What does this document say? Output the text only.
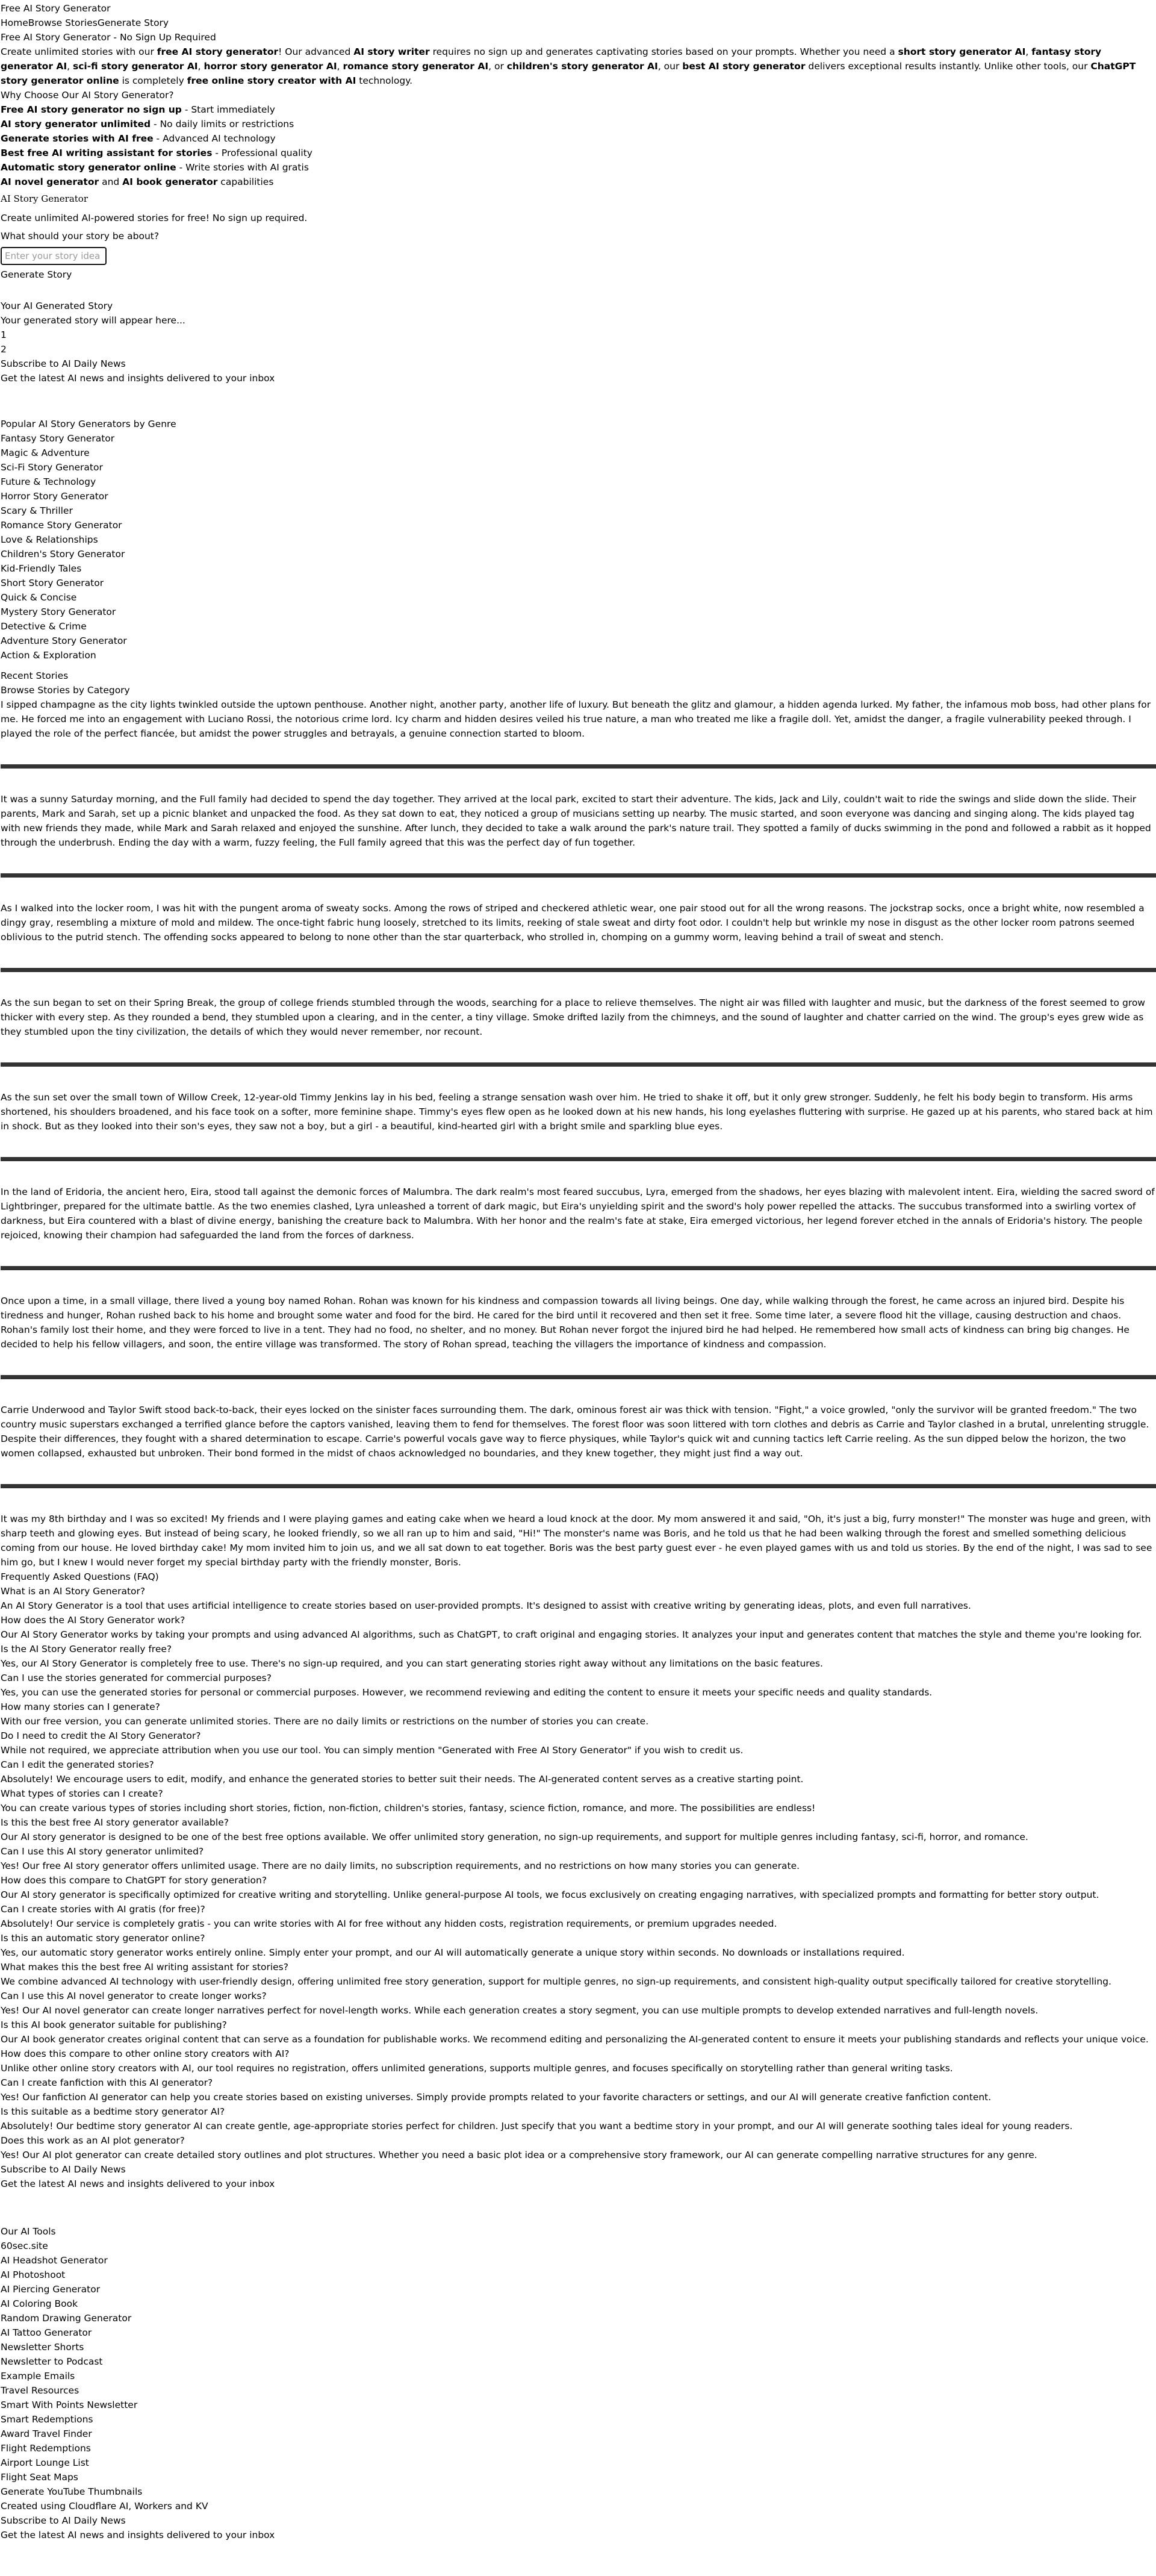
Free AI Story Generator
HomeBrowse StoriesGenerate Story
Free AI Story Generator - No Sign Up Required

Create unlimited stories with our free AI story generator! Our advanced AI story writer requires no sign up and generates captivating stories based on your prompts. Whether you need a short story generator AI, fantasy story generator AI, sci-fi story generator AI, horror story generator AI, romance story generator AI, or children's story generator AI, our best AI story generator delivers exceptional results instantly. Unlike other tools, our ChatGPT story generator online is completely free online story creator with AI technology.

Why Choose Our AI Story Generator?
Free AI story generator no sign up - Start immediately
AI story generator unlimited - No daily limits or restrictions
Generate stories with AI free - Advanced AI technology
Best free AI writing assistant for stories - Professional quality
Automatic story generator online - Write stories with AI gratis
AI novel generator and AI book generator capabilities
AI Story Generator
Create unlimited AI-powered stories for free! No sign up required.
What should your story be about?
Enter your story idea
Generate Story
Your AI Generated Story
Your generated story will appear here...
1
2
Subscribe to AI Daily News
Get the latest AI news and insights delivered to your inbox
Popular AI Story Generators by Genre
Fantasy Story Generator
Magic & Adventure
Sci-Fi Story Generator
Future & Technology
Horror Story Generator
Scary & Thriller
Romance Story Generator
Love & Relationships
Children's Story Generator
Kid-Friendly Tales
Short Story Generator
Quick & Concise
Mystery Story Generator
Detective & Crime
Adventure Story Generator
Action & Exploration
Recent Stories
Browse Stories by Category

I sipped champagne as the city lights twinkled outside the uptown penthouse. Another night, another party, another life of luxury. But beneath the glitz and glamour, a hidden agenda lurked. My father, the infamous mob boss, had other plans for me. He forced me into an engagement with Luciano Rossi, the notorious crime lord. Icy charm and hidden desires veiled his true nature, a man who treated me like a fragile doll. Yet, amidst the danger, a fragile vulnerability peeked through. I played the role of the perfect fiancée, but amidst the power struggles and betrayals, a genuine connection started to bloom.

It was a sunny Saturday morning, and the Full family had decided to spend the day together. They arrived at the local park, excited to start their adventure. The kids, Jack and Lily, couldn't wait to ride the swings and slide down the slide. Their parents, Mark and Sarah, set up a picnic blanket and unpacked the food. As they sat down to eat, they noticed a group of musicians setting up nearby. The music started, and soon everyone was dancing and singing along. The kids played tag with new friends they made, while Mark and Sarah relaxed and enjoyed the sunshine. After lunch, they decided to take a walk around the park's nature trail. They spotted a family of ducks swimming in the pond and followed a rabbit as it hopped through the underbrush. Ending the day with a warm, fuzzy feeling, the Full family agreed that this was the perfect day of fun together.

As I walked into the locker room, I was hit with the pungent aroma of sweaty socks. Among the rows of striped and checkered athletic wear, one pair stood out for all the wrong reasons. The jockstrap socks, once a bright white, now resembled a dingy gray, resembling a mixture of mold and mildew. The once-tight fabric hung loosely, stretched to its limits, reeking of stale sweat and dirty foot odor. I couldn't help but wrinkle my nose in disgust as the other locker room patrons seemed oblivious to the putrid stench. The offending socks appeared to belong to none other than the star quarterback, who strolled in, chomping on a gummy worm, leaving behind a trail of sweat and stench.

As the sun began to set on their Spring Break, the group of college friends stumbled through the woods, searching for a place to relieve themselves. The night air was filled with laughter and music, but the darkness of the forest seemed to grow thicker with every step. As they rounded a bend, they stumbled upon a clearing, and in the center, a tiny village. Smoke drifted lazily from the chimneys, and the sound of laughter and chatter carried on the wind. The group's eyes grew wide as they stumbled upon the tiny civilization, the details of which they would never remember, nor recount.

As the sun set over the small town of Willow Creek, 12-year-old Timmy Jenkins lay in his bed, feeling a strange sensation wash over him. He tried to shake it off, but it only grew stronger. Suddenly, he felt his body begin to transform. His arms shortened, his shoulders broadened, and his face took on a softer, more feminine shape. Timmy's eyes flew open as he looked down at his new hands, his long eyelashes fluttering with surprise. He gazed up at his parents, who stared back at him in shock. But as they looked into their son's eyes, they saw not a boy, but a girl - a beautiful, kind-hearted girl with a bright smile and sparkling blue eyes.

In the land of Eridoria, the ancient hero, Eira, stood tall against the demonic forces of Malumbra. The dark realm's most feared succubus, Lyra, emerged from the shadows, her eyes blazing with malevolent intent. Eira, wielding the sacred sword of Lightbringer, prepared for the ultimate battle. As the two enemies clashed, Lyra unleashed a torrent of dark magic, but Eira's unyielding spirit and the sword's holy power repelled the attacks. The succubus transformed into a swirling vortex of darkness, but Eira countered with a blast of divine energy, banishing the creature back to Malumbra. With her honor and the realm's fate at stake, Eira emerged victorious, her legend forever etched in the annals of Eridoria's history. The people rejoiced, knowing their champion had safeguarded the land from the forces of darkness.

Once upon a time, in a small village, there lived a young boy named Rohan. Rohan was known for his kindness and compassion towards all living beings. One day, while walking through the forest, he came across an injured bird. Despite his tiredness and hunger, Rohan rushed back to his home and brought some water and food for the bird. He cared for the bird until it recovered and then set it free. Some time later, a severe flood hit the village, causing destruction and chaos. Rohan's family lost their home, and they were forced to live in a tent. They had no food, no shelter, and no money. But Rohan never forgot the injured bird he had helped. He remembered how small acts of kindness can bring big changes. He decided to help his fellow villagers, and soon, the entire village was transformed. The story of Rohan spread, teaching the villagers the importance of kindness and compassion.

Carrie Underwood and Taylor Swift stood back-to-back, their eyes locked on the sinister faces surrounding them. The dark, ominous forest air was thick with tension. "Fight," a voice growled, "only the survivor will be granted freedom." The two country music superstars exchanged a terrified glance before the captors vanished, leaving them to fend for themselves. The forest floor was soon littered with torn clothes and debris as Carrie and Taylor clashed in a brutal, unrelenting struggle. Despite their differences, they fought with a shared determination to escape. Carrie's powerful vocals gave way to fierce physiques, while Taylor's quick wit and cunning tactics left Carrie reeling. As the sun dipped below the horizon, the two women collapsed, exhausted but unbroken. Their bond formed in the midst of chaos acknowledged no boundaries, and they knew together, they might just find a way out.

It was my 8th birthday and I was so excited! My friends and I were playing games and eating cake when we heard a loud knock at the door. My mom answered it and said, "Oh, it's just a big, furry monster!" The monster was huge and green, with sharp teeth and glowing eyes. But instead of being scary, he looked friendly, so we all ran up to him and said, "Hi!" The monster's name was Boris, and he told us that he had been walking through the forest and smelled something delicious coming from our house. He loved birthday cake! My mom invited him to join us, and we all sat down to eat together. Boris was the best party guest ever - he even played games with us and told us stories. By the end of the night, I was sad to see him go, but I knew I would never forget my special birthday party with the friendly monster, Boris.

Frequently Asked Questions (FAQ)
What is an AI Story Generator?
An AI Story Generator is a tool that uses artificial intelligence to create stories based on user-provided prompts. It's designed to assist with creative writing by generating ideas, plots, and even full narratives.
How does the AI Story Generator work?
Our AI Story Generator works by taking your prompts and using advanced AI algorithms, such as ChatGPT, to craft original and engaging stories. It analyzes your input and generates content that matches the style and theme you're looking for.
Is the AI Story Generator really free?
Yes, our AI Story Generator is completely free to use. There's no sign-up required, and you can start generating stories right away without any limitations on the basic features.
Can I use the stories generated for commercial purposes?
Yes, you can use the generated stories for personal or commercial purposes. However, we recommend reviewing and editing the content to ensure it meets your specific needs and quality standards.
How many stories can I generate?
With our free version, you can generate unlimited stories. There are no daily limits or restrictions on the number of stories you can create.
Do I need to credit the AI Story Generator?
While not required, we appreciate attribution when you use our tool. You can simply mention "Generated with Free AI Story Generator" if you wish to credit us.
Can I edit the generated stories?
Absolutely! We encourage users to edit, modify, and enhance the generated stories to better suit their needs. The AI-generated content serves as a creative starting point.
What types of stories can I create?
You can create various types of stories including short stories, fiction, non-fiction, children's stories, fantasy, science fiction, romance, and more. The possibilities are endless!
Is this the best free AI story generator available?
Our AI story generator is designed to be one of the best free options available. We offer unlimited story generation, no sign-up requirements, and support for multiple genres including fantasy, sci-fi, horror, and romance.
Can I use this AI story generator unlimited?
Yes! Our free AI story generator offers unlimited usage. There are no daily limits, no subscription requirements, and no restrictions on how many stories you can generate.
How does this compare to ChatGPT for story generation?
Our AI story generator is specifically optimized for creative writing and storytelling. Unlike general-purpose AI tools, we focus exclusively on creating engaging narratives, with specialized prompts and formatting for better story output.
Can I create stories with AI gratis (for free)?
Absolutely! Our service is completely gratis - you can write stories with AI for free without any hidden costs, registration requirements, or premium upgrades needed.
Is this an automatic story generator online?
Yes, our automatic story generator works entirely online. Simply enter your prompt, and our AI will automatically generate a unique story within seconds. No downloads or installations required.
What makes this the best free AI writing assistant for stories?
We combine advanced AI technology with user-friendly design, offering unlimited free story generation, support for multiple genres, no sign-up requirements, and consistent high-quality output specifically tailored for creative storytelling.
Can I use this AI novel generator to create longer works?
Yes! Our AI novel generator can create longer narratives perfect for novel-length works. While each generation creates a story segment, you can use multiple prompts to develop extended narratives and full-length novels.
Is this AI book generator suitable for publishing?
Our AI book generator creates original content that can serve as a foundation for publishable works. We recommend editing and personalizing the AI-generated content to ensure it meets your publishing standards and reflects your unique voice.
How does this compare to other online story creators with AI?
Unlike other online story creators with AI, our tool requires no registration, offers unlimited generations, supports multiple genres, and focuses specifically on storytelling rather than general writing tasks.
Can I create fanfiction with this AI generator?
Yes! Our fanfiction AI generator can help you create stories based on existing universes. Simply provide prompts related to your favorite characters or settings, and our AI will generate creative fanfiction content.
Is this suitable as a bedtime story generator AI?
Absolutely! Our bedtime story generator AI can create gentle, age-appropriate stories perfect for children. Just specify that you want a bedtime story in your prompt, and our AI will generate soothing tales ideal for young readers.
Does this work as an AI plot generator?
Yes! Our AI plot generator can create detailed story outlines and plot structures. Whether you need a basic plot idea or a comprehensive story framework, our AI can generate compelling narrative structures for any genre.
Subscribe to AI Daily News
Get the latest AI news and insights delivered to your inbox
Our AI Tools
60sec.site
AI Headshot Generator
AI Photoshoot
AI Piercing Generator
AI Coloring Book
Random Drawing Generator
AI Tattoo Generator
Newsletter Shorts
Newsletter to Podcast
Example Emails
Travel Resources
Smart With Points Newsletter
Smart Redemptions
Award Travel Finder
Flight Redemptions
Airport Lounge List
Flight Seat Maps
Generate YouTube Thumbnails
Created using Cloudflare AI, Workers and KV
Subscribe to AI Daily News
Get the latest AI news and insights delivered to your inbox
